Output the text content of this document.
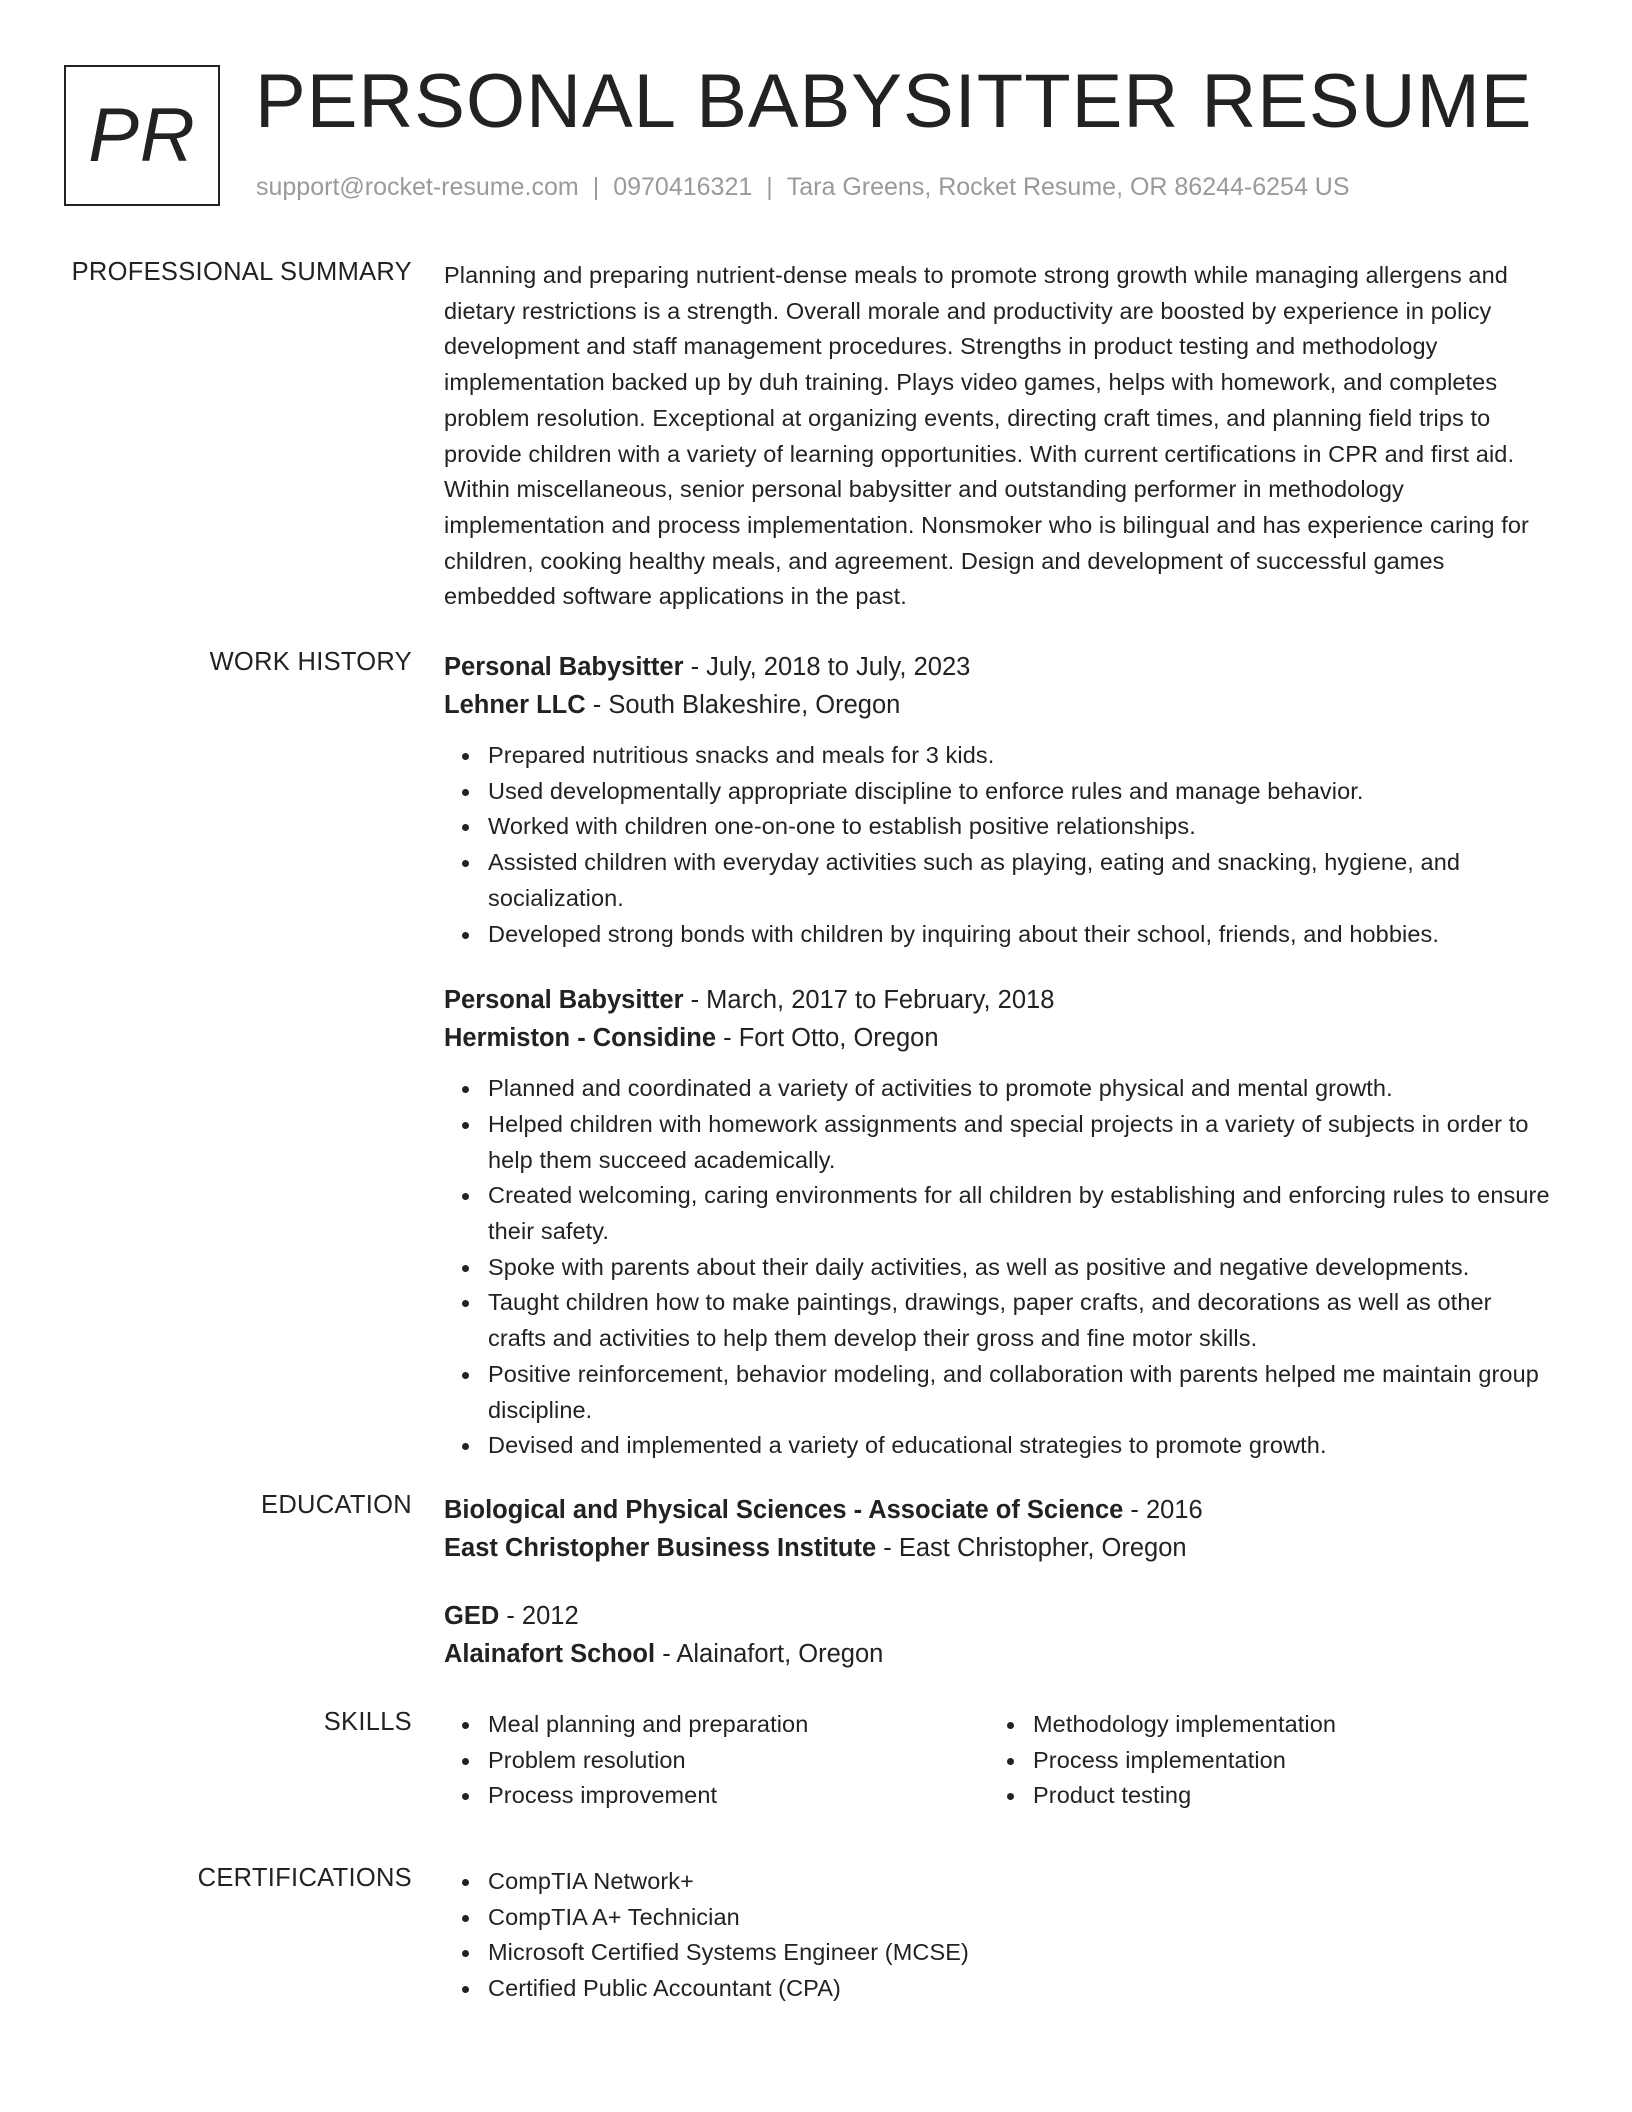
PR PERSONAL BABYSITTER RESUME
support@rocket-resume.com | 0970416321 | Tara Greens, Rocket Resume, OR 86244-6254 US
PROFESSIONAL SUMMARY Planning and preparing nutrient-dense meals to promote strong growth while managing allergens and dietary restrictions is a strength. Overall morale and productivity are boosted by experience in policy development and staff management procedures. Strengths in product testing and methodology implementation backed up by duh training. Plays video games, helps with homework, and completes problem resolution. Exceptional at organizing events, directing craft times, and planning field trips to provide children with a variety of learning opportunities. With current certifications in CPR and first aid. Within miscellaneous, senior personal babysitter and outstanding performer in methodology implementation and process implementation. Nonsmoker who is bilingual and has experience caring for children, cooking healthy meals, and agreement. Design and development of successful games embedded software applications in the past.

WORK HISTORY Personal Babysitter - July, 2018 to July, 2023

Lehner LLC - South Blakeshire, Oregon

Prepared nutritious snacks and meals for 3 kids.
Used developmentally appropriate discipline to enforce rules and manage behavior.
Worked with children one-on-one to establish positive relationships.
Assisted children with everyday activities such as playing, eating and snacking, hygiene, and socialization.
Developed strong bonds with children by inquiring about their school, friends, and hobbies.

Personal Babysitter - March, 2017 to February, 2018

Hermiston - Considine - Fort Otto, Oregon

Planned and coordinated a variety of activities to promote physical and mental growth.
Helped children with homework assignments and special projects in a variety of subjects in order to help them succeed academically.
Created welcoming, caring environments for all children by establishing and enforcing rules to ensure their safety.
Spoke with parents about their daily activities, as well as positive and negative developments.
Taught children how to make paintings, drawings, paper crafts, and decorations as well as other crafts and activities to help them develop their gross and fine motor skills.
Positive reinforcement, behavior modeling, and collaboration with parents helped me maintain group discipline.
Devised and implemented a variety of educational strategies to promote growth.
EDUCATION Biological and Physical Sciences - Associate of Science - 2016

East Christopher Business Institute - East Christopher, Oregon

GED - 2012

Alainafort School - Alainafort, Oregon

SKILLS	Meal planning and preparation
Problem resolution
Process improvement
Methodology implementation
Process implementation
Product testing
CERTIFICATIONS	CompTIA Network+
CompTIA A+ Technician
Microsoft Certified Systems Engineer (MCSE)
Certified Public Accountant (CPA)
